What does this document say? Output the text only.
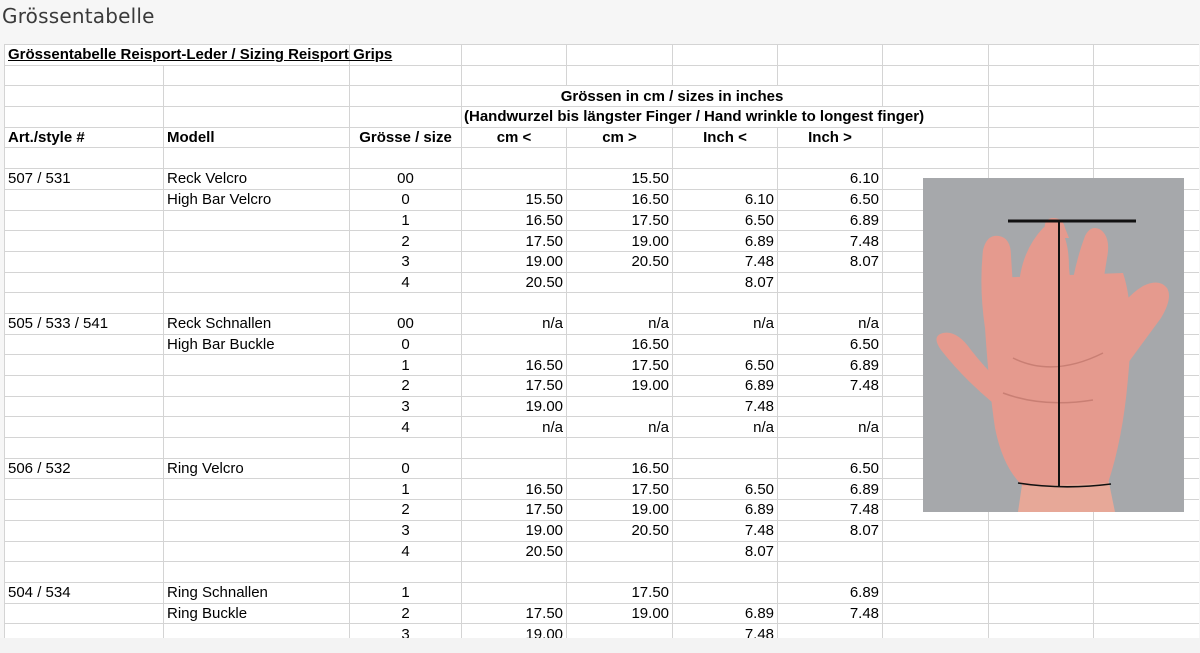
Grössentabelle
Grössentabelle Reisport-Leder / Sizing Reisport Grips									

			Grössen in cm / sizes in inches						
			(Handwurzel bis längster Finger / Hand wrinkle to longest finger)						
Art./style #	Modell	Grösse / size	cm <	cm >	Inch <	Inch >			

507 / 531	Reck Velcro	00		15.50		6.10			
	High Bar Velcro	0	15.50	16.50	6.10	6.50			
		1	16.50	17.50	6.50	6.89			
		2	17.50	19.00	6.89	7.48			
		3	19.00	20.50	7.48	8.07			
		4	20.50		8.07				

505 / 533 / 541	Reck Schnallen	00	n/a	n/a	n/a	n/a			
	High Bar Buckle	0		16.50		6.50			
		1	16.50	17.50	6.50	6.89			
		2	17.50	19.00	6.89	7.48			
		3	19.00		7.48				
		4	n/a	n/a	n/a	n/a			

506 / 532	Ring Velcro	0		16.50		6.50			
		1	16.50	17.50	6.50	6.89			
		2	17.50	19.00	6.89	7.48			
		3	19.00	20.50	7.48	8.07			
		4	20.50		8.07				

504 / 534	Ring Schnallen	1		17.50		6.89			
	Ring Buckle	2	17.50	19.00	6.89	7.48			
		3	19.00		7.48				
